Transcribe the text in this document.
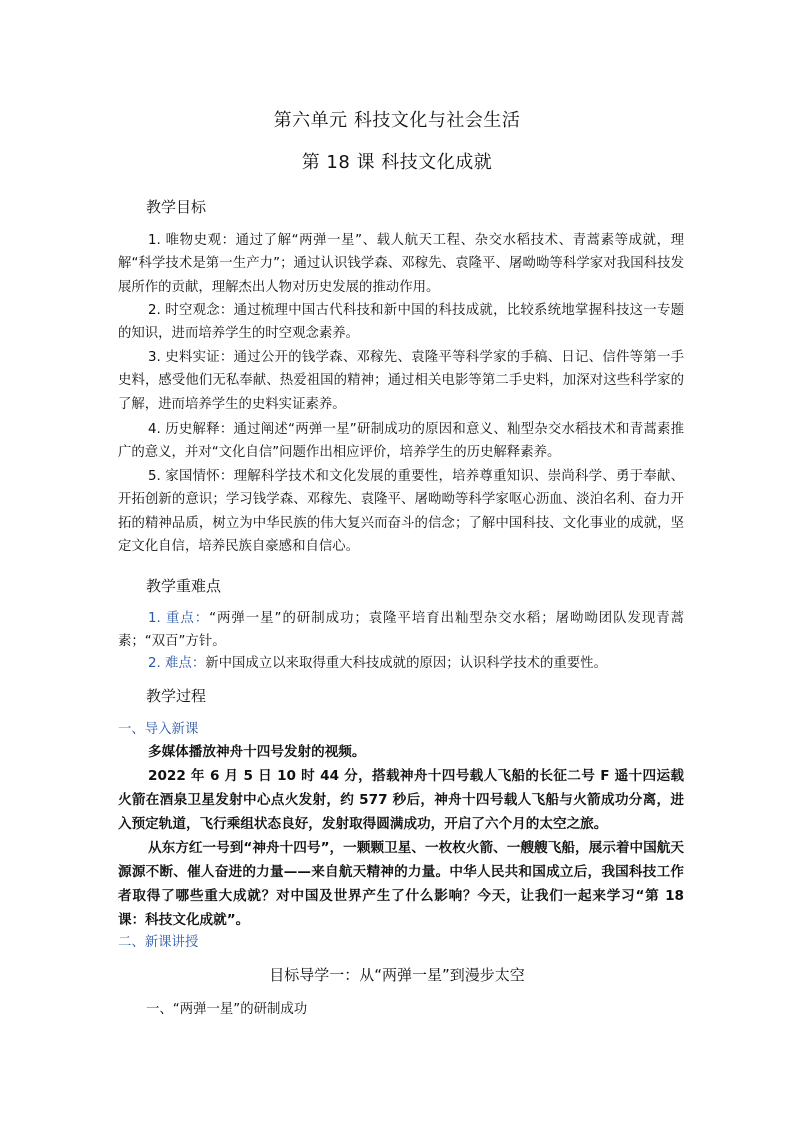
第六单元 科技文化与社会生活
第 18 课 科技文化成就
教学目标
1. 唯物史观：通过了解“两弹一星”、载人航天工程、杂交水稻技术、青蒿素等成就，理解“科学技术是第一生产力”；通过认识钱学森、邓稼先、袁隆平、屠呦呦等科学家对我国科技发展所作的贡献，理解杰出人物对历史发展的推动作用。
2. 时空观念：通过梳理中国古代科技和新中国的科技成就，比较系统地掌握科技这一专题的知识，进而培养学生的时空观念素养。
3. 史料实证：通过公开的钱学森、邓稼先、袁隆平等科学家的手稿、日记、信件等第一手史料，感受他们无私奉献、热爱祖国的精神；通过相关电影等第二手史料，加深对这些科学家的了解，进而培养学生的史料实证素养。
4. 历史解释：通过阐述“两弹一星”研制成功的原因和意义、籼型杂交水稻技术和青蒿素推广的意义，并对“文化自信”问题作出相应评价，培养学生的历史解释素养。
5. 家国情怀：理解科学技术和文化发展的重要性，培养尊重知识、崇尚科学、勇于奉献、开拓创新的意识；学习钱学森、邓稼先、袁隆平、屠呦呦等科学家呕心沥血、淡泊名利、奋力开拓的精神品质，树立为中华民族的伟大复兴而奋斗的信念；了解中国科技、文化事业的成就，坚定文化自信，培养民族自豪感和自信心。
教学重难点
1. 重点：“两弹一星”的研制成功；袁隆平培育出籼型杂交水稻；屠呦呦团队发现青蒿素；“双百”方针。
2. 难点：新中国成立以来取得重大科技成就的原因；认识科学技术的重要性。
教学过程
一、导入新课
多媒体播放神舟十四号发射的视频。
2022 年 6 月 5 日 10 时 44 分，搭载神舟十四号载人飞船的长征二号 F 遥十四运载火箭在酒泉卫星发射中心点火发射，约 577 秒后，神舟十四号载人飞船与火箭成功分离，进入预定轨道，飞行乘组状态良好，发射取得圆满成功，开启了六个月的太空之旅。
从东方红一号到“神舟十四号”，一颗颗卫星、一枚枚火箭、一艘艘飞船，展示着中国航天源源不断、催人奋进的力量——来自航天精神的力量。中华人民共和国成立后，我国科技工作者取得了哪些重大成就？对中国及世界产生了什么影响？今天，让我们一起来学习“第 18 课：科技文化成就”。
二、新课讲授
目标导学一：从“两弹一星”到漫步太空
一、“两弹一星”的研制成功
